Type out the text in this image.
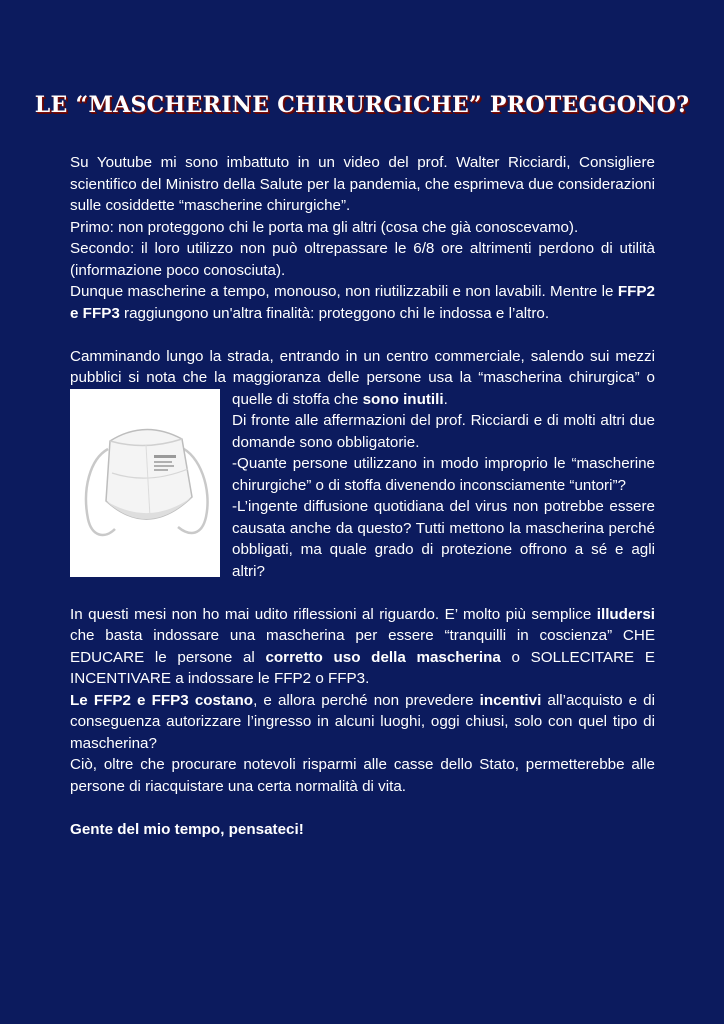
LE “MASCHERINE CHIRURGICHE” PROTEGGONO?

Su Youtube mi sono imbattuto in un video del prof. Walter Ricciardi, Consigliere scientifico del Ministro della Salute per la pandemia, che esprimeva due considerazioni sulle cosiddette “mascherine chirurgiche”.

Primo: non proteggono chi le porta ma gli altri (cosa che già conoscevamo).

Secondo: il loro utilizzo non può oltrepassare le 6/8 ore altrimenti perdono di utilità (informazione poco conosciuta).

Dunque mascherine a tempo, monouso, non riutilizzabili e non lavabili. Mentre le FFP2 e FFP3 raggiungono un'altra finalità: proteggono chi le indossa e l’altro.

Camminando lungo la strada, entrando in un centro commerciale, salendo sui mezzi pubblici si nota che la maggioranza delle persone usa la “mascherina chirurgica” o quelle di stoffa che
sono inutili.

Di fronte alle affermazioni del prof. Ricciardi e di molti altri due domande sono obbligatorie.

-Quante persone utilizzano in modo improprio le “mascherine chirurgiche” o di stoffa divenendo inconsciamente “untori”?

-L’ingente diffusione quotidiana del virus non potrebbe essere causata anche da questo? Tutti mettono la mascherina perché obbligati, ma quale grado di protezione offrono a sé e agli altri?

In questi mesi non ho mai udito riflessioni al riguardo. E’ molto più semplice illudersi che basta indossare una mascherina per essere “tranquilli in coscienza” CHE EDUCARE le persone al corretto uso della mascherina o SOLLECITARE E INCENTIVARE a indossare le FFP2 o FFP3.

Le FFP2 e FFP3 costano, e allora perché non prevedere incentivi all’acquisto e di conseguenza autorizzare l’ingresso in alcuni luoghi, oggi chiusi, solo con quel tipo di mascherina?

Ciò, oltre che procurare notevoli risparmi alle casse dello Stato, permetterebbe alle persone di riacquistare una certa normalità di vita.

Gente del mio tempo, pensateci!
